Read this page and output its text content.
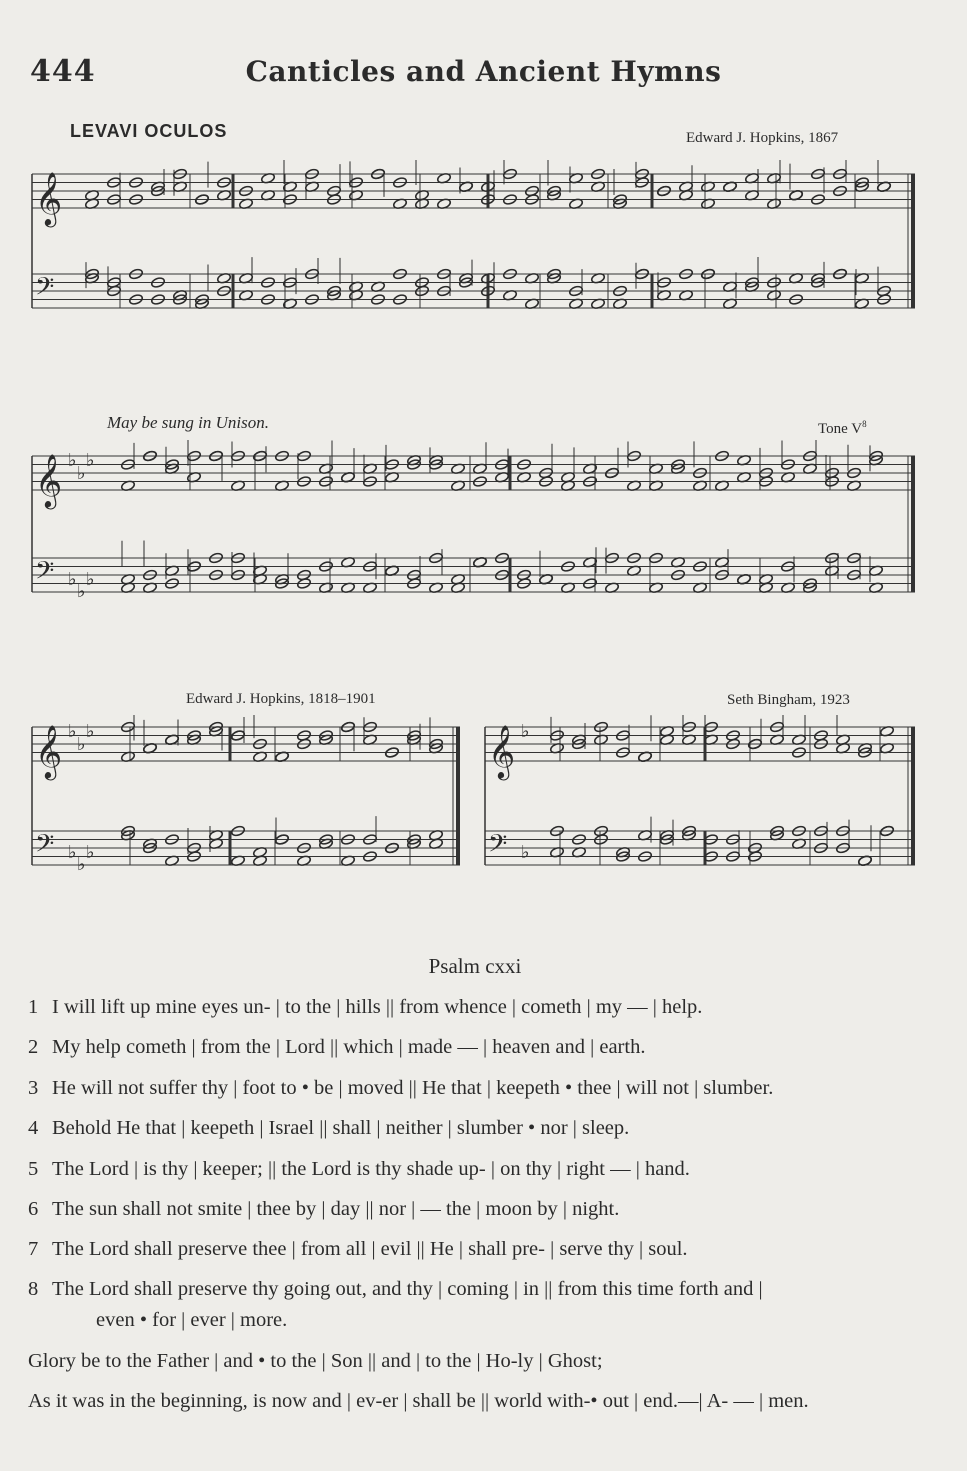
444	Canticles and Ancient Hymns
LEVAVI OCULOS	Edward J. Hopkins, 1867
May be sung in Unison.	Tone $V^8$
Edward J. Hopkins, 1818–1901	Seth Bingham, 1923
𝄞
𝄢
𝄞 ♭
♭
♭
𝄢 ♭
♭
♭
𝄞 ♭
♭
♭
𝄢 ♭
♭
♭
𝄞 ♭
𝄢 ♭
Psalm cxxi
1 I will lift up mine eyes un- | to the | hills || from whence | cometh | my — | help.
2 My help cometh | from the | Lord || which | made — | heaven and | earth.
3 He will not suffer thy | foot to • be | moved || He that | keepeth • thee | will not | slumber.
4 Behold He that | keepeth | Israel || shall | neither | slumber • nor | sleep.
5 The Lord | is thy | keeper; || the Lord is thy shade up- | on thy | right — | hand.
6 The sun shall not smite | thee by | day || nor | — the | moon by | night.
7 The Lord shall preserve thee | from all | evil || He | shall pre- | serve thy | soul.
8 The Lord shall preserve thy going out, and thy | coming | in || from this time forth and |
even • for | ever | more.
Glory be to the Father | and • to the | Son || and | to the | Ho-ly | Ghost;
As it was in the beginning, is now and | ev-er | shall be || world with-• out | end.—| A- — | men.
